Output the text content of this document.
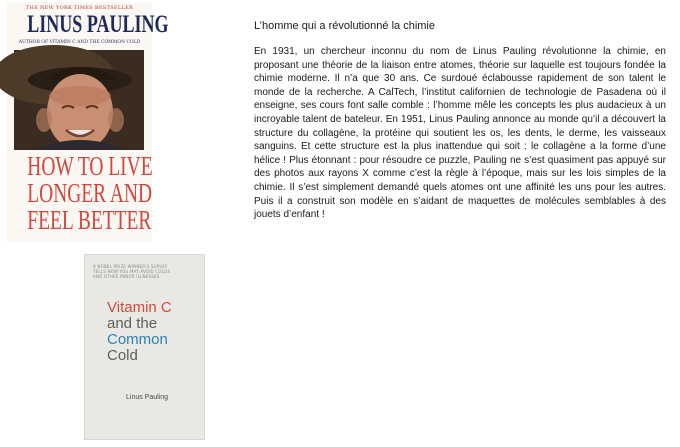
THE NEW YORK TIMES BESTSELLER
LINUS PAULING
AUTHOR OF VITAMIN C AND THE COMMON COLD
HOW TO LIVE
LONGER AND
FEEL BETTER
A NOBEL PRIZE WINNER'S SURVEY TELLS HOW YOU MAY AVOID COLDS AND OTHER MINOR ILLNESSES
Vitamin C
and the
Common
Cold
Linus Pauling

L’homme qui a révolutionné la chimie

En 1931, un chercheur inconnu du nom de Linus Pauling révolutionne la chimie, en proposant une théorie de la liaison entre atomes, théorie sur laquelle est toujours fondée la chimie moderne. Il n’a que 30 ans. Ce surdoué éclabousse rapidement de son talent le monde de la recherche. A CalTech, l’institut californien de technologie de Pasadena où il enseigne, ses cours font salle comble : l’homme mêle les concepts les plus audacieux à un incroyable talent de bateleur. En 1951, Linus Pauling annonce au monde qu’il a découvert la structure du collagène, la protéine qui soutient les os, les dents, le derme, les vaisseaux sanguins. Et cette structure est la plus inattendue qui soit : le collagène a la forme d’une hélice ! Plus étonnant : pour résoudre ce puzzle, Pauling ne s’est quasiment pas appuyé sur des photos aux rayons X comme c’est la règle à l’époque, mais sur les lois simples de la chimie. Il s’est simplement demandé quels atomes ont une affinité les uns pour les autres. Puis il a construit son modèle en s’aidant de maquettes de molécules semblables à des jouets d’enfant !
